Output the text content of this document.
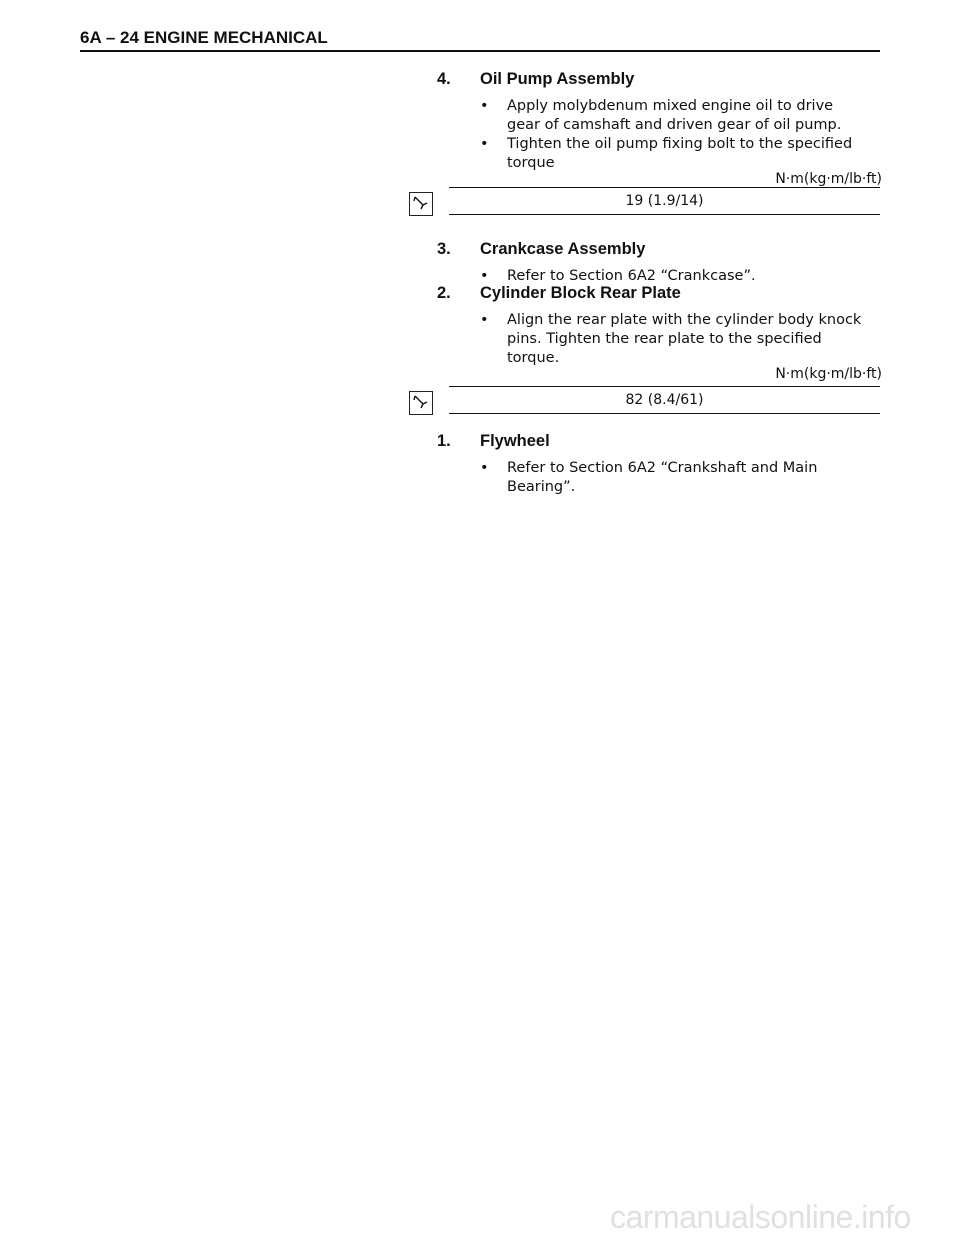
6A – 24 ENGINE MECHANICAL
4.	Oil Pump Assembly
• Apply molybdenum mixed engine oil to drive gear of camshaft and driven gear of oil pump.
• Tighten the oil pump fixing bolt to the specified torque
N·m(kg·m/lb·ft)
19 (1.9/14)
3.	Crankcase Assembly
• Refer to Section 6A2 “Crankcase”.
2.	Cylinder Block Rear Plate
• Align the rear plate with the cylinder body knock pins. Tighten the rear plate to the specified torque.
N·m(kg·m/lb·ft)
82 (8.4/61)
1.	Flywheel
• Refer to Section 6A2 “Crankshaft and Main Bearing”.
carmanualsonline.info
